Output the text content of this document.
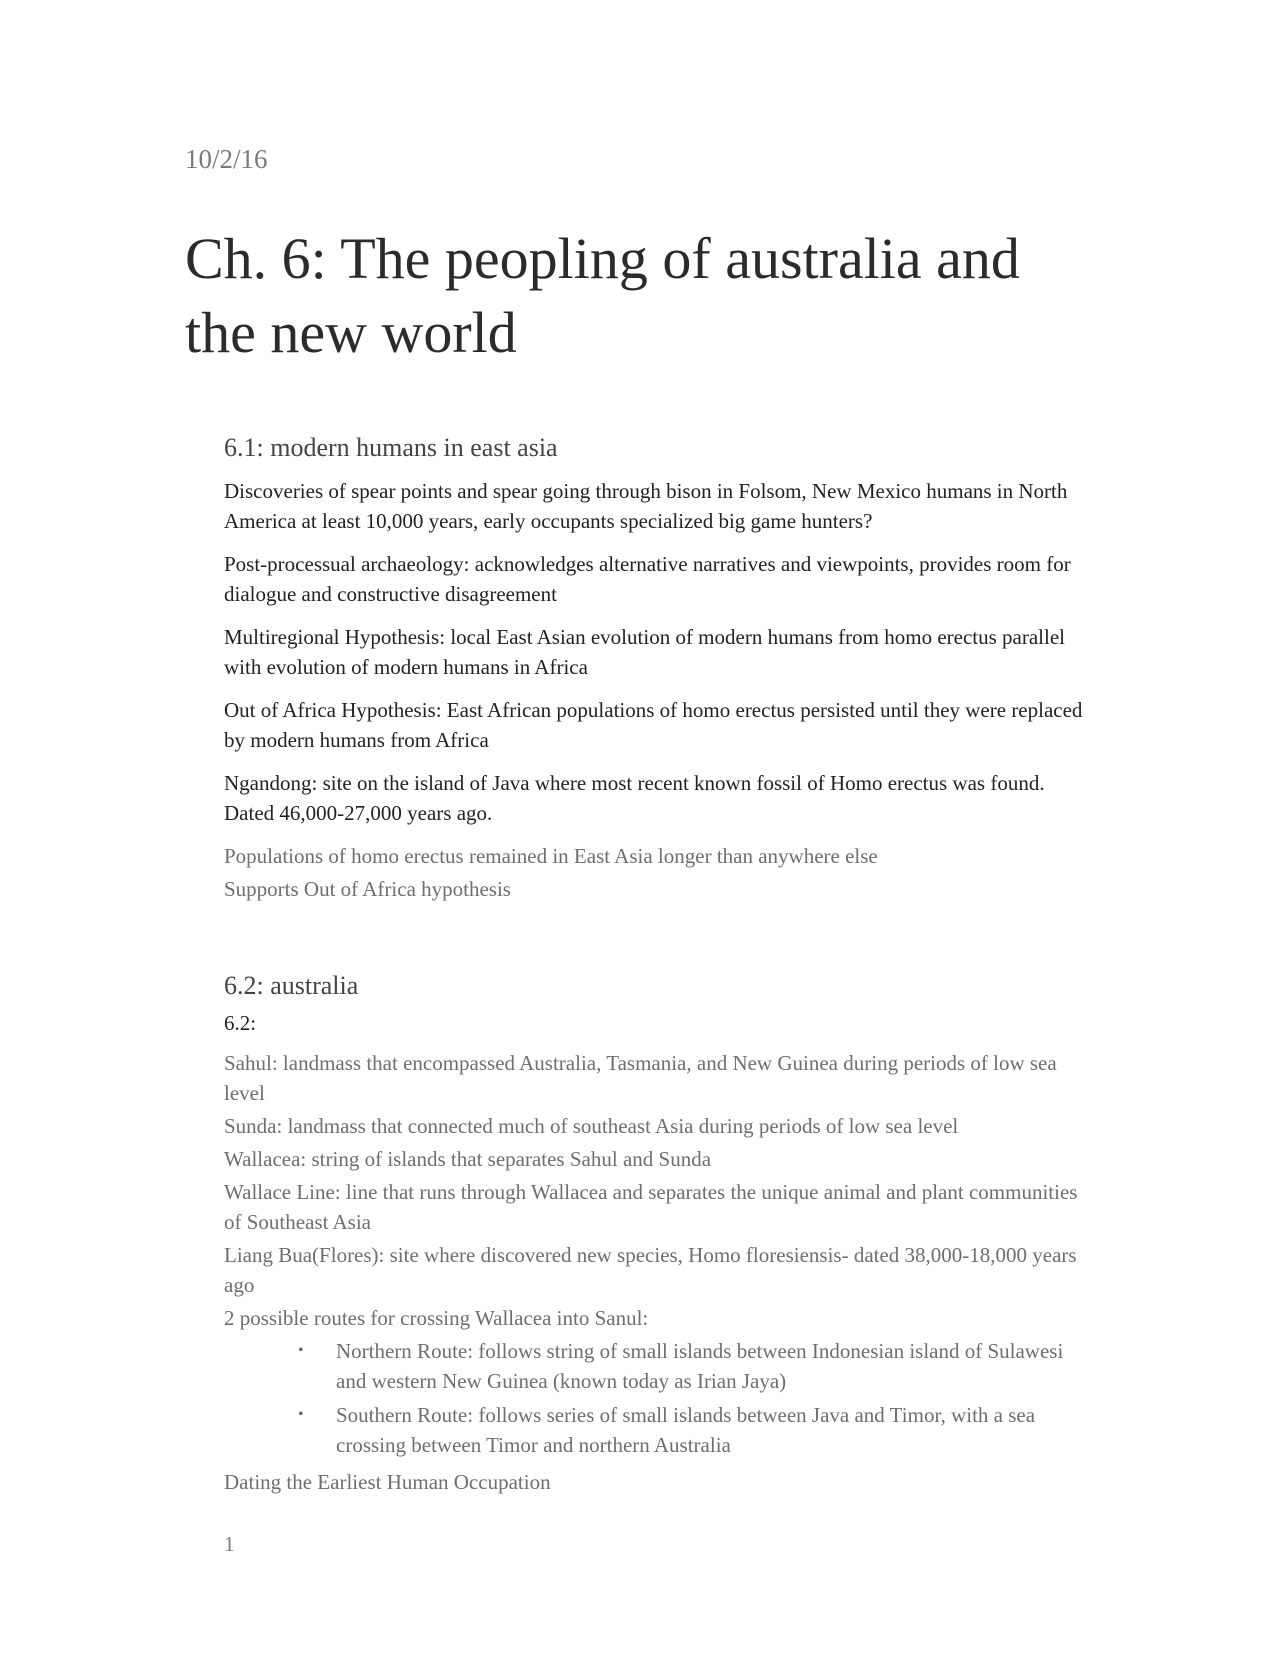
10/2/16
Ch. 6: The peopling of australia and the new world
6.1: modern humans in east asia

Discoveries of spear points and spear going through bison in Folsom, New Mexico humans in North America at least 10,000 years, early occupants specialized big game hunters?

Post-processual archaeology: acknowledges alternative narratives and viewpoints, provides room for dialogue and constructive disagreement

Multiregional Hypothesis: local East Asian evolution of modern humans from homo erectus parallel with evolution of modern humans in Africa

Out of Africa Hypothesis: East African populations of homo erectus persisted until they were replaced by modern humans from Africa

Ngandong: site on the island of Java where most recent known fossil of Homo erectus was found. Dated 46,000-27,000 years ago.

Populations of homo erectus remained in East Asia longer than anywhere else

Supports Out of Africa hypothesis

6.2: australia

6.2:

Sahul: landmass that encompassed Australia, Tasmania, and New Guinea during periods of low sea level

Sunda: landmass that connected much of southeast Asia during periods of low sea level

Wallacea: string of islands that separates Sahul and Sunda

Wallace Line: line that runs through Wallacea and separates the unique animal and plant communities of Southeast Asia

Liang Bua(Flores): site where discovered new species, Homo floresiensis- dated 38,000-18,000 years ago

2 possible routes for crossing Wallacea into Sanul:

• Northern Route: follows string of small islands between Indonesian island of Sulawesi and western New Guinea (known today as Irian Jaya)
• Southern Route: follows series of small islands between Java and Timor, with a sea crossing between Timor and northern Australia

Dating the Earliest Human Occupation

1
